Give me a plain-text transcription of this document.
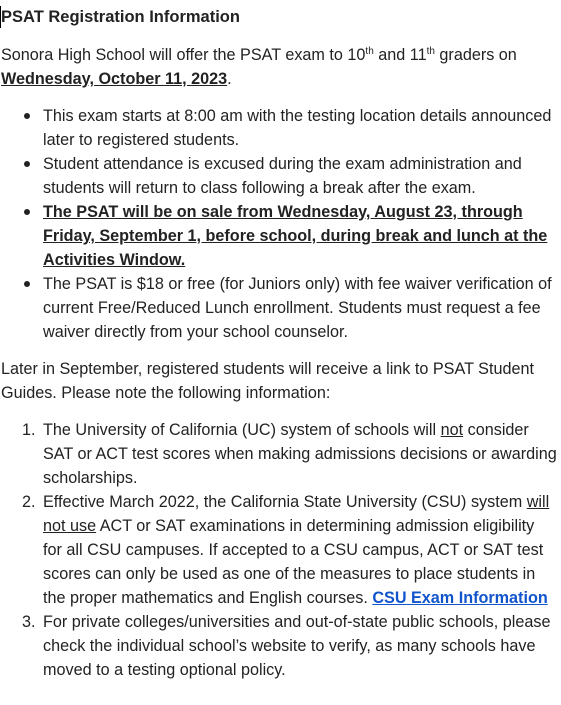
PSAT Registration Information

Sonora High School will offer the PSAT exam to 10th and 11th graders on Wednesday, October 11, 2023.

This exam starts at 8:00 am with the testing location details announced later to registered students.
Student attendance is excused during the exam administration and students will return to class following a break after the exam.
The PSAT will be on sale from Wednesday, August 23, through Friday, September 1, before school, during break and lunch at the Activities Window.
The PSAT is $18 or free (for Juniors only) with fee waiver verification of current Free/Reduced Lunch enrollment. Students must request a fee waiver directly from your school counselor.

Later in September, registered students will receive a link to PSAT Student Guides. Please note the following information:

1. The University of California (UC) system of schools will not consider SAT or ACT test scores when making admissions decisions or awarding scholarships.
2. Effective March 2022, the California State University (CSU) system will not use ACT or SAT examinations in determining admission eligibility for all CSU campuses. If accepted to a CSU campus, ACT or SAT test scores can only be used as one of the measures to place students in the proper mathematics and English courses. CSU Exam Information
3. For private colleges/universities and out-of-state public schools, please check the individual school’s website to verify, as many schools have moved to a testing optional policy.
